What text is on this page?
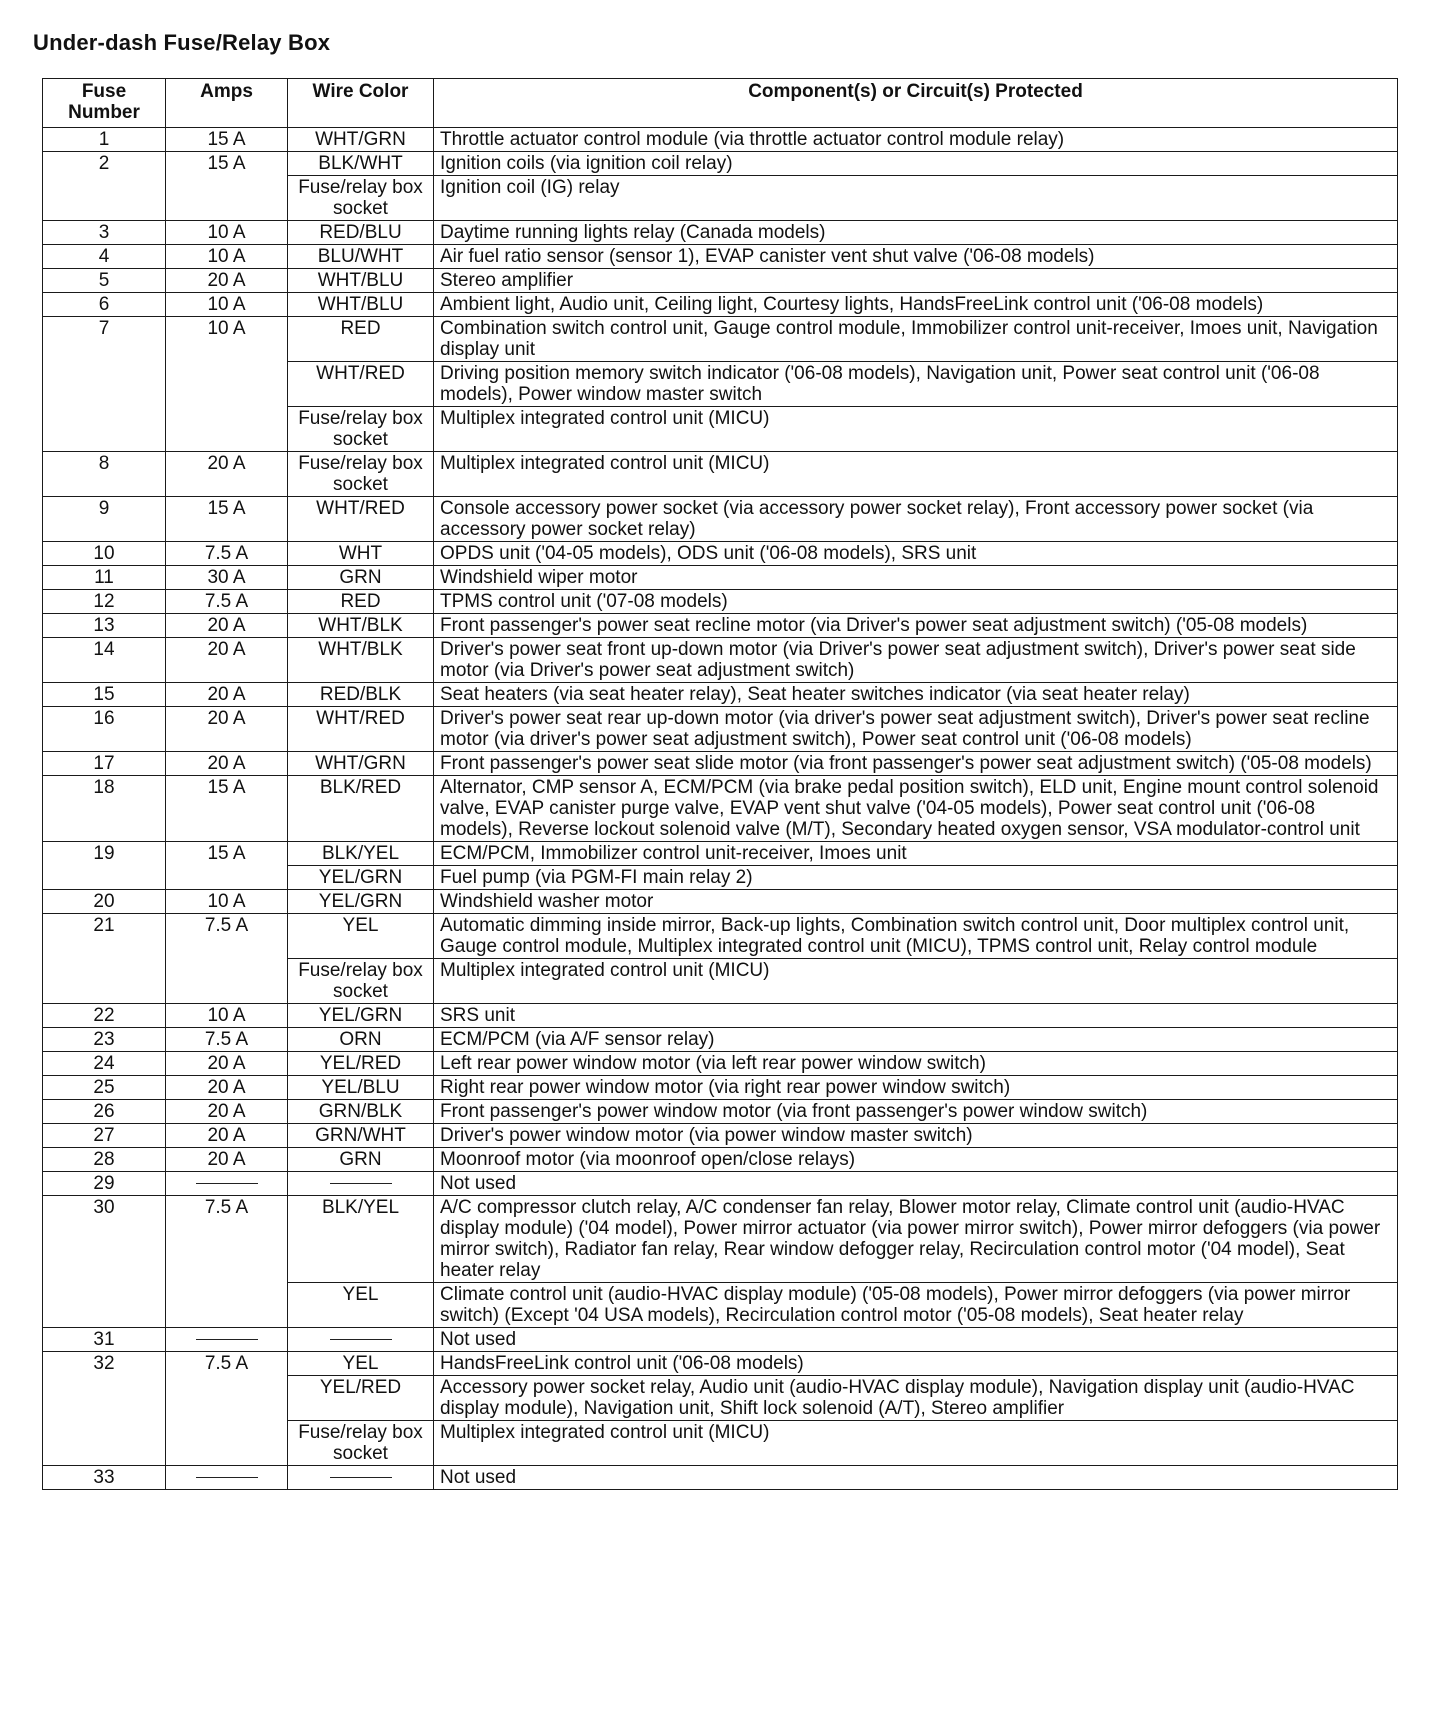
Under-dash Fuse/Relay Box
Fuse Number	Amps	Wire Color	Component(s) or Circuit(s) Protected
1	15 A	WHT/GRN	Throttle actuator control module (via throttle actuator control module relay)
2	15 A	BLK/WHT	Ignition coils (via ignition coil relay)
		Fuse/relay box socket	Ignition coil (IG) relay
3	10 A	RED/BLU	Daytime running lights relay (Canada models)
4	10 A	BLU/WHT	Air fuel ratio sensor (sensor 1), EVAP canister vent shut valve ('06-08 models)
5	20 A	WHT/BLU	Stereo amplifier
6	10 A	WHT/BLU	Ambient light, Audio unit, Ceiling light, Courtesy lights, HandsFreeLink control unit ('06-08 models)
7	10 A	RED	Combination switch control unit, Gauge control module, Immobilizer control unit-receiver, Imoes unit, Navigation display unit
		WHT/RED	Driving position memory switch indicator ('06-08 models), Navigation unit, Power seat control unit ('06-08 models), Power window master switch
		Fuse/relay box socket	Multiplex integrated control unit (MICU)
8	20 A	Fuse/relay box socket	Multiplex integrated control unit (MICU)
9	15 A	WHT/RED	Console accessory power socket (via accessory power socket relay), Front accessory power socket (via accessory power socket relay)
10	7.5 A	WHT	OPDS unit ('04-05 models), ODS unit ('06-08 models), SRS unit
11	30 A	GRN	Windshield wiper motor
12	7.5 A	RED	TPMS control unit ('07-08 models)
13	20 A	WHT/BLK	Front passenger's power seat recline motor (via Driver's power seat adjustment switch) ('05-08 models)
14	20 A	WHT/BLK	Driver's power seat front up-down motor (via Driver's power seat adjustment switch), Driver's power seat side motor (via Driver's power seat adjustment switch)
15	20 A	RED/BLK	Seat heaters (via seat heater relay), Seat heater switches indicator (via seat heater relay)
16	20 A	WHT/RED	Driver's power seat rear up-down motor (via driver's power seat adjustment switch), Driver's power seat recline motor (via driver's power seat adjustment switch), Power seat control unit ('06-08 models)
17	20 A	WHT/GRN	Front passenger's power seat slide motor (via front passenger's power seat adjustment switch) ('05-08 models)
18	15 A	BLK/RED	Alternator, CMP sensor A, ECM/PCM (via brake pedal position switch), ELD unit, Engine mount control solenoid valve, EVAP canister purge valve, EVAP vent shut valve ('04-05 models), Power seat control unit ('06-08 models), Reverse lockout solenoid valve (M/T), Secondary heated oxygen sensor, VSA modulator-control unit
19	15 A	BLK/YEL	ECM/PCM, Immobilizer control unit-receiver, Imoes unit
		YEL/GRN	Fuel pump (via PGM-FI main relay 2)
20	10 A	YEL/GRN	Windshield washer motor
21	7.5 A	YEL	Automatic dimming inside mirror, Back-up lights, Combination switch control unit, Door multiplex control unit, Gauge control module, Multiplex integrated control unit (MICU), TPMS control unit, Relay control module
		Fuse/relay box socket	Multiplex integrated control unit (MICU)
22	10 A	YEL/GRN	SRS unit
23	7.5 A	ORN	ECM/PCM (via A/F sensor relay)
24	20 A	YEL/RED	Left rear power window motor (via left rear power window switch)
25	20 A	YEL/BLU	Right rear power window motor (via right rear power window switch)
26	20 A	GRN/BLK	Front passenger's power window motor (via front passenger's power window switch)
27	20 A	GRN/WHT	Driver's power window motor (via power window master switch)
28	20 A	GRN	Moonroof motor (via moonroof open/close relays)
29			Not used
30	7.5 A	BLK/YEL	A/C compressor clutch relay, A/C condenser fan relay, Blower motor relay, Climate control unit (audio-HVAC display module) ('04 model), Power mirror actuator (via power mirror switch), Power mirror defoggers (via power mirror switch), Radiator fan relay, Rear window defogger relay, Recirculation control motor ('04 model), Seat heater relay
		YEL	Climate control unit (audio-HVAC display module) ('05-08 models), Power mirror defoggers (via power mirror switch) (Except '04 USA models), Recirculation control motor ('05-08 models), Seat heater relay
31			Not used
32	7.5 A	YEL	HandsFreeLink control unit ('06-08 models)
		YEL/RED	Accessory power socket relay, Audio unit (audio-HVAC display module), Navigation display unit (audio-HVAC display module), Navigation unit, Shift lock solenoid (A/T), Stereo amplifier
		Fuse/relay box socket	Multiplex integrated control unit (MICU)
33			Not used
